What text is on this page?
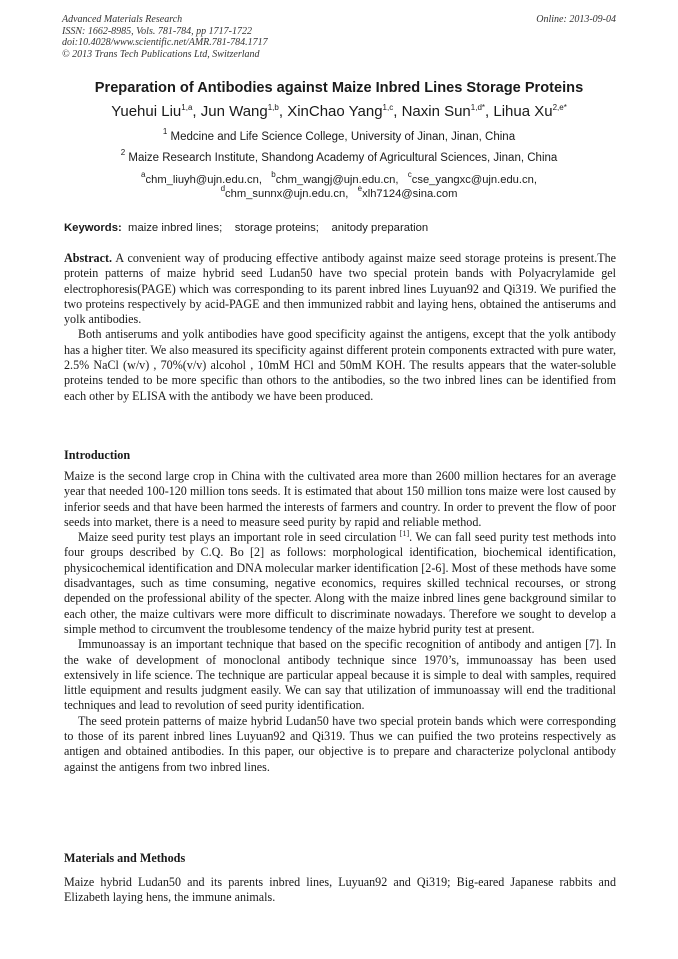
Advanced Materials Research
ISSN: 1662-8985, Vols. 781-784, pp 1717-1722
doi:10.4028/www.scientific.net/AMR.781-784.1717
© 2013 Trans Tech Publications Ltd, Switzerland
Online: 2013-09-04
Preparation of Antibodies against Maize Inbred Lines Storage Proteins
Yuehui Liu$^{1,a}$, Jun Wang$^{1,b}$, XinChao Yang$^{1,c}$, Naxin Sun$^{1,d*}$, Lihua $Xu^{2,e*}$
$^1$ Medcine and Life Science College, University of Jinan, Jinan, China
$^2$ Maize Research Institute, Shandong Academy of Agricultural Sciences, Jinan, China
$^a$chm_liuyh@ujn.edu.cn, $^b$chm_wangj@ujn.edu.cn, $^c$cse_yangxc@ujn.edu.cn,
$^d$chm_sunnx@ujn.edu.cn, $^e$xlh7124@sina.com
Keywords: maize inbred lines;    storage proteins;    anitody preparation

Abstract. A convenient way of producing effective antibody against maize seed storage proteins is present.The protein patterns of maize hybrid seed Ludan50 have two special protein bands with Polyacrylamide gel electrophoresis(PAGE) which was corresponding to its parent inbred lines Luyuan92 and Qi319. We purified the two proteins respectively by acid-PAGE and then immunized rabbit and laying hens, obtained the antiserums and yolk antibodies.

Both antiserums and yolk antibodies have good specificity against the antigens, except that the yolk antibody has a higher titer. We also measured its specificity against different protein components extracted with pure water, 2.5% NaCl (w/v) , 70%(v/v) alcohol , 10mM HCl and 50mM KOH. The results appears that the water-soluble proteins tended to be more specific than othors to the antibodies, so the two inbred lines can be identified from each other by ELISA with the antibody we have been produced.

Introduction

Maize is the second large crop in China with the cultivated area more than 2600 million hectares for an average year that needed 100-120 million tons seeds. It is estimated that about 150 million tons maize were lost caused by inferior seeds and that have been harmed the interests of farmers and country. In order to prevent the flow of poor seeds into market, there is a need to measure seed purity by rapid and reliable method.

Maize seed purity test plays an important role in seed circulation [1]. We can fall seed purity test methods into four groups described by C.Q. Bo [2] as follows: morphological identification, biochemical identification, physicochemical identification and DNA molecular marker identification [2-6]. Most of these methods have some disadvantages, such as time consuming, negative economics, requires skilled technical recourses, or strong depended on the professional ability of the specter. Along with the maize inbred lines gene background similar to each other, the maize cultivars were more difficult to discriminate nowadays. Therefore we sought to develop a simple method to circumvent the troublesome tendency of the maize hybrid purity test at present.

Immunoassay is an important technique that based on the specific recognition of antibody and antigen [7]. In the wake of development of monoclonal antibody technique since 1970’s, immunoassay has been used extensively in life science. The technique are particular appeal because it is simple to deal with samples, required little equipment and results judgment easily. We can say that utilization of immunoassay will end the traditional techniques and lead to revolution of seed purity identification.

The seed protein patterns of maize hybrid Ludan50 have two special protein bands which were corresponding to those of its parent inbred lines Luyuan92 and Qi319. Thus we can puified the two proteins respectively as antigen and obtained antibodies. In this paper, our objective is to prepare and characterize polyclonal antibody against the antigens from two inbred lines.

Materials and Methods

Maize hybrid Ludan50 and its parents inbred lines, Luyuan92 and Qi319; Big-eared Japanese rabbits and Elizabeth laying hens, the immune animals.
